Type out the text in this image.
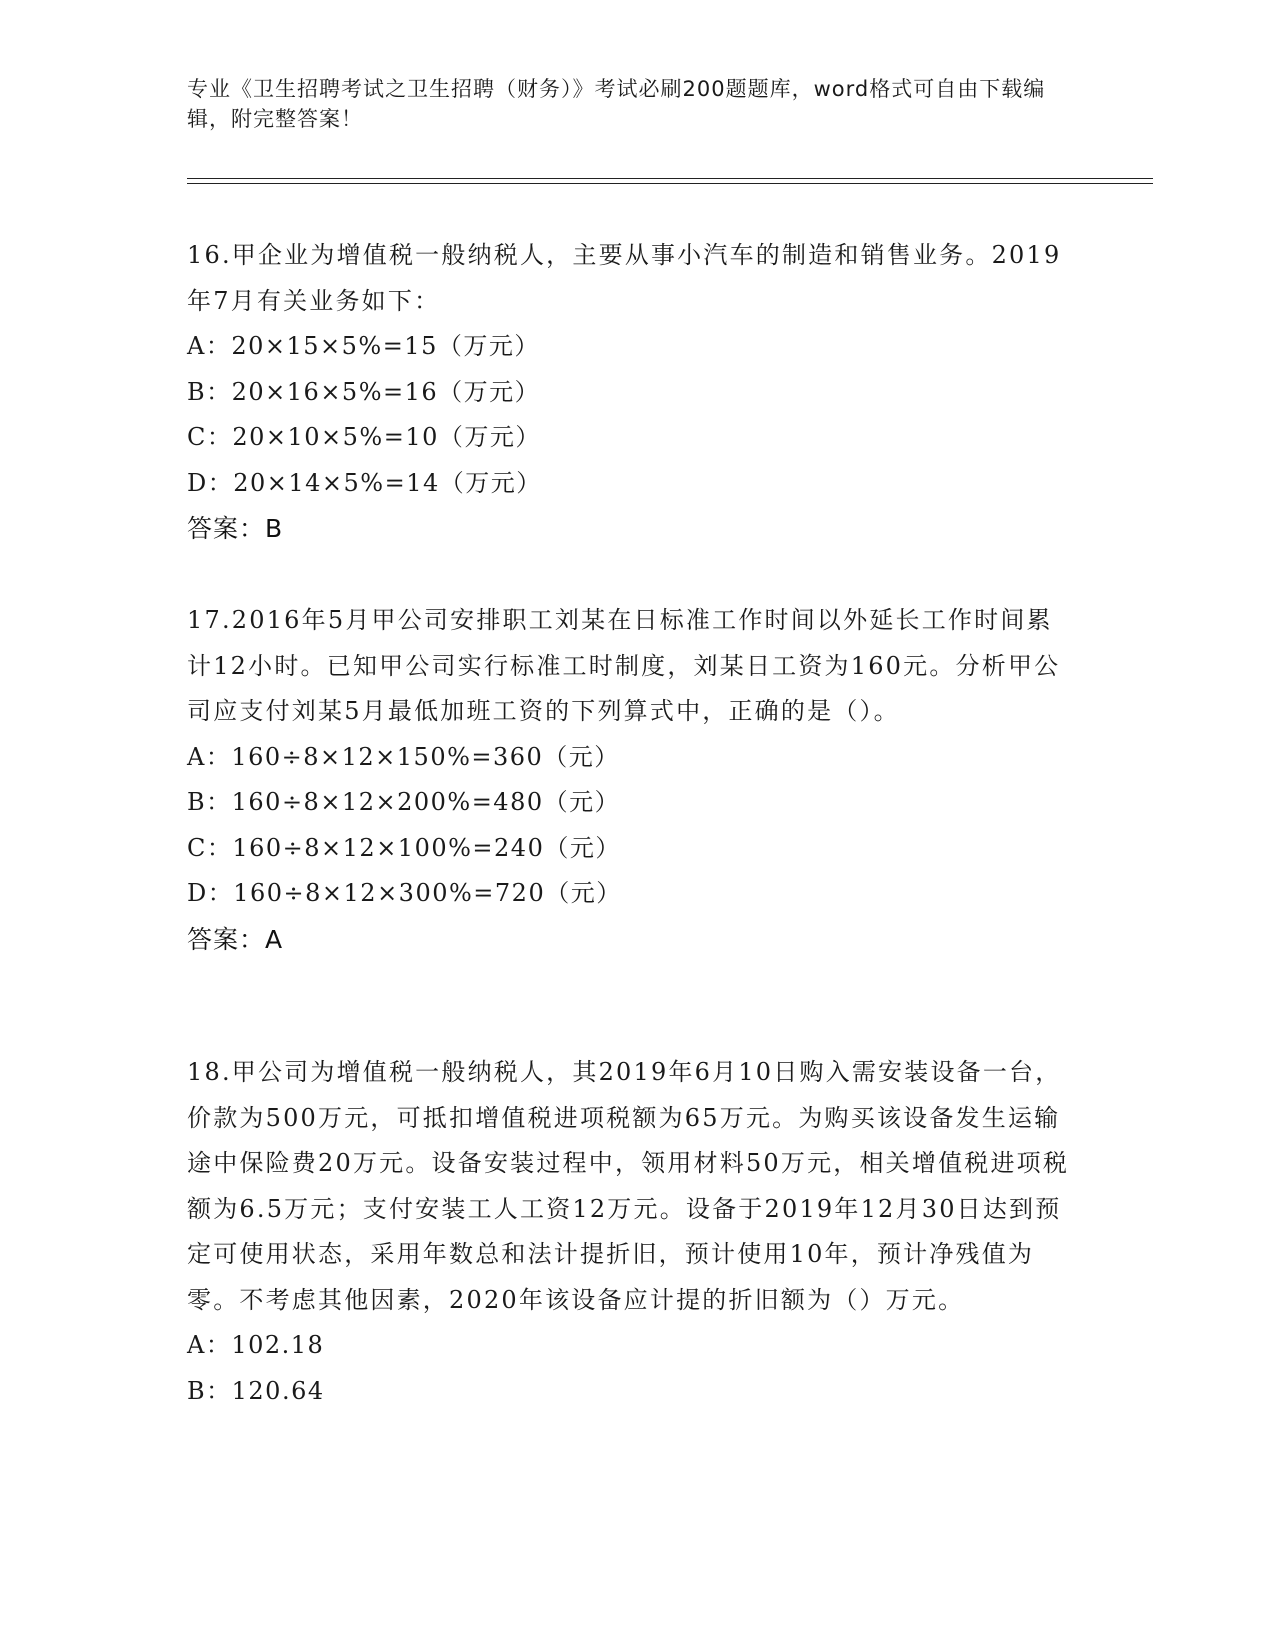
专业《卫生招聘考试之卫生招聘（财务）》考试必刷200题题库，word格式可自由下载编辑，附完整答案！

16.甲企业为增值税一般纳税人，主要从事小汽车的制造和销售业务。2019年7月有关业务如下：

A：20×15×5%=15（万元）

B：20×16×5%=16（万元）

C：20×10×5%=10（万元）

D：20×14×5%=14（万元）

答案：B

17.2016年5月甲公司安排职工刘某在日标准工作时间以外延长工作时间累计12小时。已知甲公司实行标准工时制度，刘某日工资为160元。分析甲公司应支付刘某5月最低加班工资的下列算式中，正确的是（）。

A：160÷8×12×150%=360（元）

B：160÷8×12×200%=480（元）

C：160÷8×12×100%=240（元）

D：160÷8×12×300%=720（元）

答案：A

18.甲公司为增值税一般纳税人，其2019年6月10日购入需安装设备一台，价款为500万元，可抵扣增值税进项税额为65万元。为购买该设备发生运输途中保险费20万元。设备安装过程中，领用材料50万元，相关增值税进项税额为6.5万元；支付安装工人工资12万元。设备于2019年12月30日达到预定可使用状态，采用年数总和法计提折旧，预计使用10年，预计净残值为零。不考虑其他因素，2020年该设备应计提的折旧额为（）万元。

A：102.18

B：120.64
